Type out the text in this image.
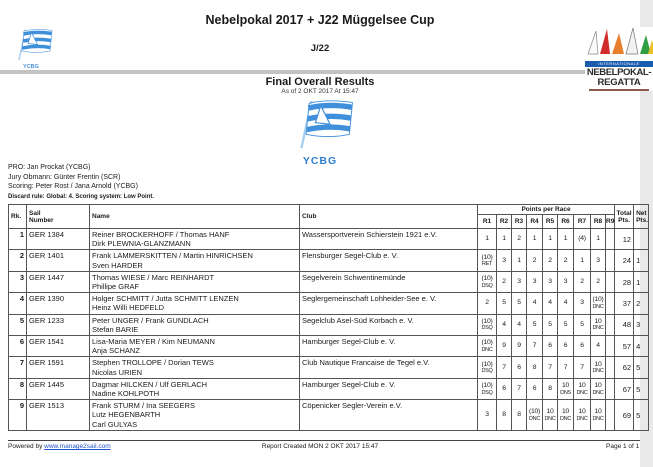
Nebelpokal 2017 + J22 Müggelsee Cup
J/22
YCBG
INTERNATIONALE
NEBELPOKAL-
REGATTA
Final Overall Results
As of 2 OKT 2017 At 15:47
YCBG
PRO: Jan Prockat (YCBG)
Jury Obmann: Günter Frentin (SCR)
Scoring: Peter Rost / Jana Arnold (YCBG)
Discard rule: Global: 4. Scoring system: Low Point.
Rk.	Sail
Number	Name	Club	Points per Race									Total
Pts.	Net
Pts.
				R1	R2	R3	R4	R5	R6	R7	R8	R9		
1	GER 1384	Reiner BROCKERHOFF / Thomas HANF
Dirk PLEWNIA-GLANZMANN	Wassersportverein Schierstein 1921 e.V.	1	1	2	1	1	1	(4)	1		12	
2	GER 1401	Frank LAMMERSKITTEN / Martin HINRICHSEN
Sven HARDER
	Flensburger Segel-Club e. V.	(10)
RET

3	1	2	2	2	1	3		24	1
3	GER 1447	Thomas WIESE / Marc REINHARDT
Phillipe GRAF
	Segelverein Schwentinemünde	(10)
DSQ

2	3	3	3	3	2	2		28	1
4	GER 1390	Holger SCHMITT / Jutta SCHMITT LENZEN
Heinz Willi HEDFELD
	Seglergemeinschaft Lohheider-See e. V.	2	5	5	4	4	4	3	(10)
DNC		37	2
5	GER 1233	Peter UNGER / Frank GUNDLACH
Stefan BARIE
	Segelclub Asel-Süd Korbach e. V.	(10)
DSQ

4	4	5	5	5	5	10
DNC		48	3
6	GER 1541	Lisa-Maria MEYER / Kim NEUMANN
Anja SCHANZ
	Hamburger Segel-Club e. V.	(10)
DNC

9	9	7	6	6	6	4		57	4
7	GER 1591	Stephen TROLLOPE / Dorian TEWS
Nicolas URIEN
	Club Nautique Francaise de Tegel e.V.	(10)
DSQ

7	6	8	7	7	7	10
DNC		62	5
8	GER 1445	Dagmar HILCKEN / Ulf GERLACH
Nadine KOHLPOTH
	Hamburger Segel-Club e. V.	(10)
DSQ

6	7	6	8	10
DNS

10
DNC

10
DNC		67	5
9	GER 1513	Frank STURM / Ina SEEGERS
Lutz HEGENBARTH
Carl GULYAS
	Cöpenicker Segler-Verein e.V.	
3	8	8	(10)
DNC

10
DNC

10
DNC

10
DNC

10
DNC		69	5
Powered by www.manage2sail.com	Report Created MON 2 OKT 2017 15:47	Page 1 of 1
